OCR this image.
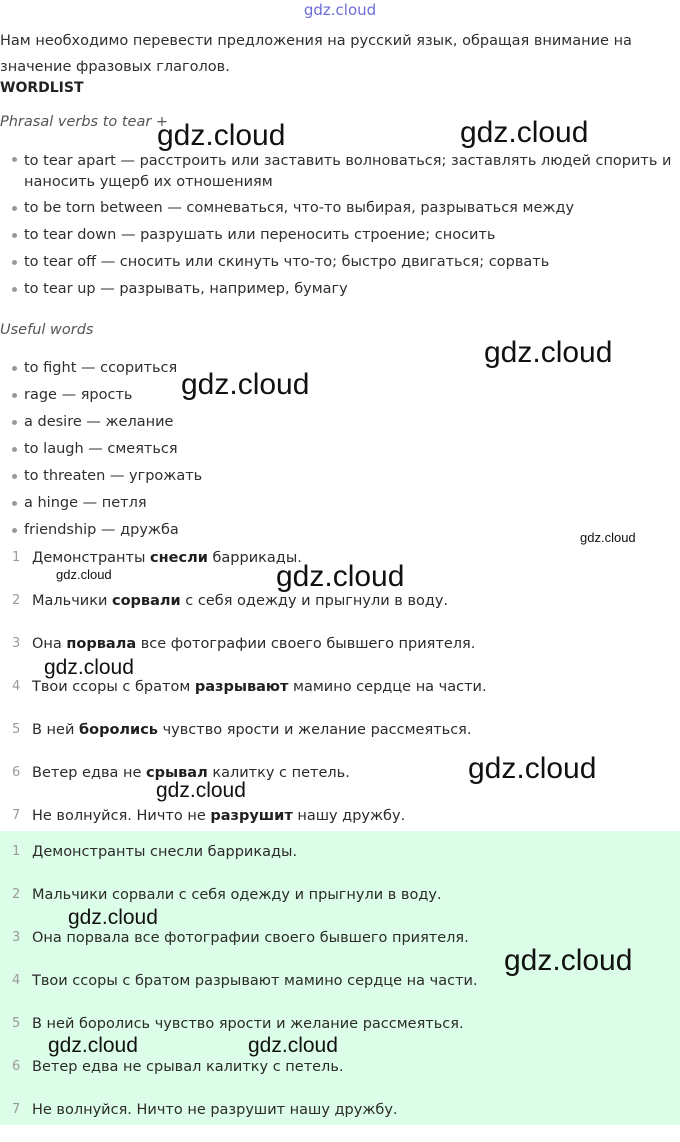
gdz.cloud
Нам необходимо перевести предложения на русский язык, обращая внимание на значение фразовых глаголов.
WORDLIST
Phrasal verbs to tear +
to tear apart — расстроить или заставить волноваться; заставлять людей спорить и наносить ущерб их отношениям
to be torn between — сомневаться, что-то выбирая, разрываться между
to tear down — разрушать или переносить строение; сносить
to tear off — сносить или скинуть что-то; быстро двигаться; сорвать
to tear up — разрывать, например, бумагу
Useful words
to fight — ссориться
rage — ярость
a desire — желание
to laugh — смеяться
to threaten — угрожать
a hinge — петля
friendship — дружба
1 Демонстранты снесли баррикады.
2 Мальчики сорвали с себя одежду и прыгнули в воду.
3 Она порвала все фотографии своего бывшего приятеля.
4 Твои ссоры с братом разрывают мамино сердце на части.
5 В ней боролись чувство ярости и желание рассмеяться.
6 Ветер едва не срывал калитку с петель.
7 Не волнуйся. Ничто не разрушит нашу дружбу.
1 Демонстранты снесли баррикады.
2 Мальчики сорвали с себя одежду и прыгнули в воду.
3 Она порвала все фотографии своего бывшего приятеля.
4 Твои ссоры с братом разрывают мамино сердце на части.
5 В ней боролись чувство ярости и желание рассмеяться.
6 Ветер едва не срывал калитку с петель.
7 Не волнуйся. Ничто не разрушит нашу дружбу.
gdz.cloud	gdz.cloud
gdz.cloud
gdz.cloud
gdz.cloud
gdz.cloud	gdz.cloud
gdz.cloud
gdz.cloud
gdz.cloud
gdz.cloud
gdz.cloud
gdz.cloud	gdz.cloud
